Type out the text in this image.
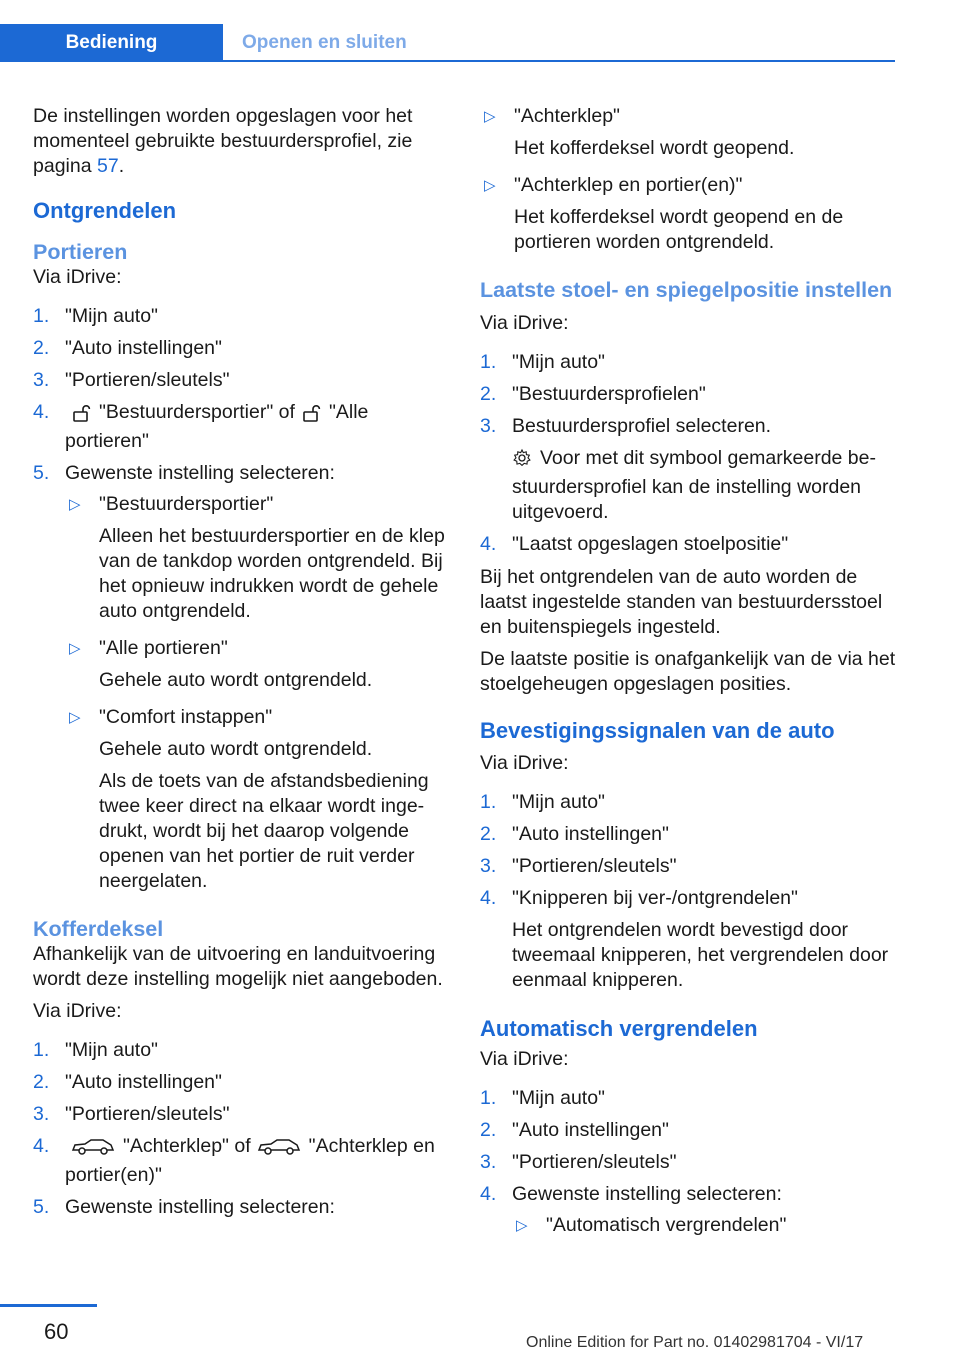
Bediening	Openen en sluiten

De instellingen worden opgeslagen voor het momenteel gebruikte bestuurdersprofiel, zie pagina 57.

Ontgrendelen
Portieren

Via iDrive:

1. "Mijn auto"
2. "Auto instellingen"
3. "Portieren/sleutels"
4.	"Bestuurdersportier" of "Alle portieren"
5. Gewenste instelling selecteren:
▷ "Bestuurdersportier"
Alleen het bestuurdersportier en de klep van de tankdop worden ontgrendeld. Bij het opnieuw indrukken wordt de gehele auto ontgrendeld.
▷ "Alle portieren"
Gehele auto wordt ontgrendeld.
▷ "Comfort instappen"
Gehele auto wordt ontgrendeld.
Als de toets van de afstandsbediening twee keer direct na elkaar wordt ingedrukt, wordt bij het daarop volgende openen van het portier de ruit verder neergelaten.
Kofferdeksel

Afhankelijk van de uitvoering en landuitvoering wordt deze instelling mogelijk niet aangeboden.

Via iDrive:

1. "Mijn auto"
2. "Auto instellingen"
3. "Portieren/sleutels"
4.	"Achterklep" of	"Achterklep en portier(en)"
5. Gewenste instelling selecteren:
▷ "Achterklep"
Het kofferdeksel wordt geopend.
▷ "Achterklep en portier(en)"
Het kofferdeksel wordt geopend en de portieren worden ontgrendeld.
Laatste stoel- en spiegelpositie instellen

Via iDrive:

1. "Mijn auto"
2. "Bestuurdersprofielen"
3. Bestuurdersprofiel selecteren.
Voor met dit symbool gemarkeerde bestuurdersprofiel kan de instelling worden uitgevoerd.
4. "Laatst opgeslagen stoelpositie"

Bij het ontgrendelen van de auto worden de laatst ingestelde standen van bestuurdersstoel en buitenspiegels ingesteld.

De laatste positie is onafgankelijk van de via het stoelgeheugen opgeslagen posities.

Bevestigingssignalen van de auto

Via iDrive:

1. "Mijn auto"
2. "Auto instellingen"
3. "Portieren/sleutels"
4. "Knipperen bij ver-/ontgrendelen"
Het ontgrendelen wordt bevestigd door tweemaal knipperen, het vergrendelen door eenmaal knipperen.
Automatisch vergrendelen

Via iDrive:

1. "Mijn auto"
2. "Auto instellingen"
3. "Portieren/sleutels"
4. Gewenste instelling selecteren:
▷ "Automatisch vergrendelen"
60	Online Edition for Part no. 01402981704 - VI/17
